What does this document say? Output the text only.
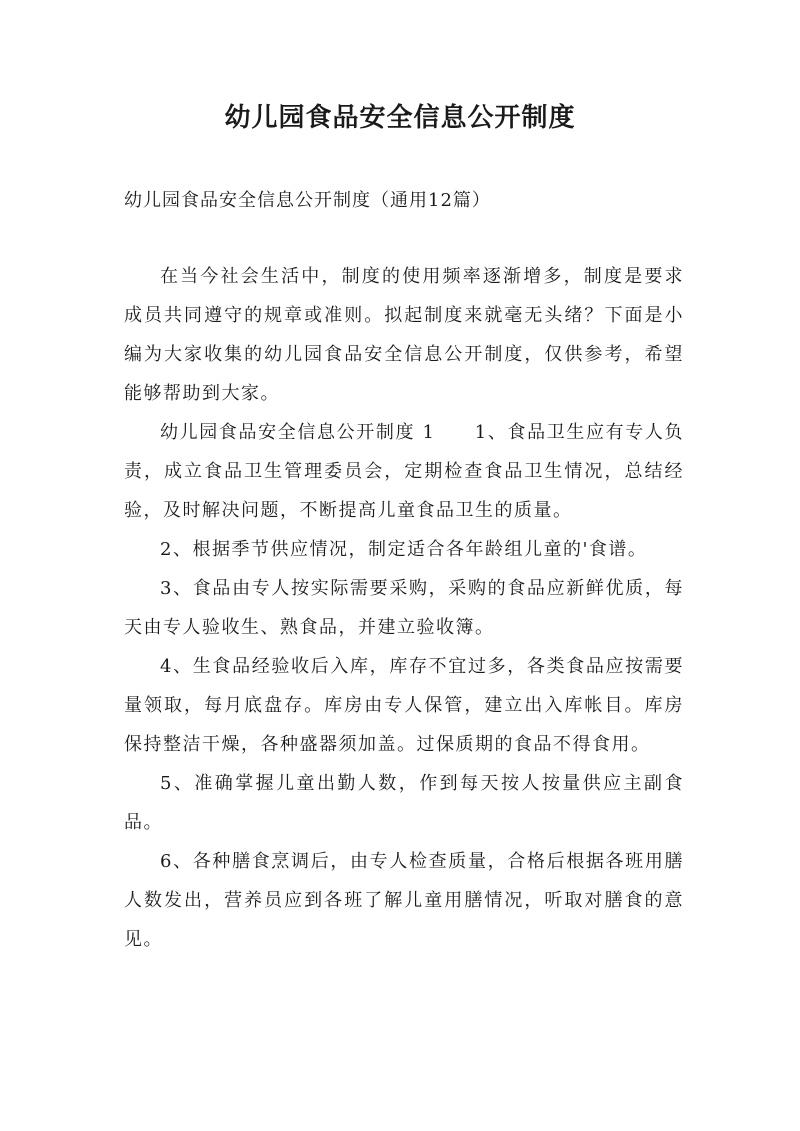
幼儿园食品安全信息公开制度
幼儿园食品安全信息公开制度（通用12篇）

在当今社会生活中，制度的使用频率逐渐增多，制度是要求成员共同遵守的规章或准则。拟起制度来就毫无头绪？下面是小编为大家收集的幼儿园食品安全信息公开制度，仅供参考，希望能够帮助到大家。

幼儿园食品安全信息公开制度 1　　1、食品卫生应有专人负责，成立食品卫生管理委员会，定期检查食品卫生情况，总结经验，及时解决问题，不断提高儿童食品卫生的质量。

2、根据季节供应情况，制定适合各年龄组儿童的'食谱。

3、食品由专人按实际需要采购，采购的食品应新鲜优质，每天由专人验收生、熟食品，并建立验收簿。

4、生食品经验收后入库，库存不宜过多，各类食品应按需要量领取，每月底盘存。库房由专人保管，建立出入库帐目。库房保持整洁干燥，各种盛器须加盖。过保质期的食品不得食用。

5、准确掌握儿童出勤人数，作到每天按人按量供应主副食品。

6、各种膳食烹调后，由专人检查质量，合格后根据各班用膳人数发出，营养员应到各班了解儿童用膳情况，听取对膳食的意见。
